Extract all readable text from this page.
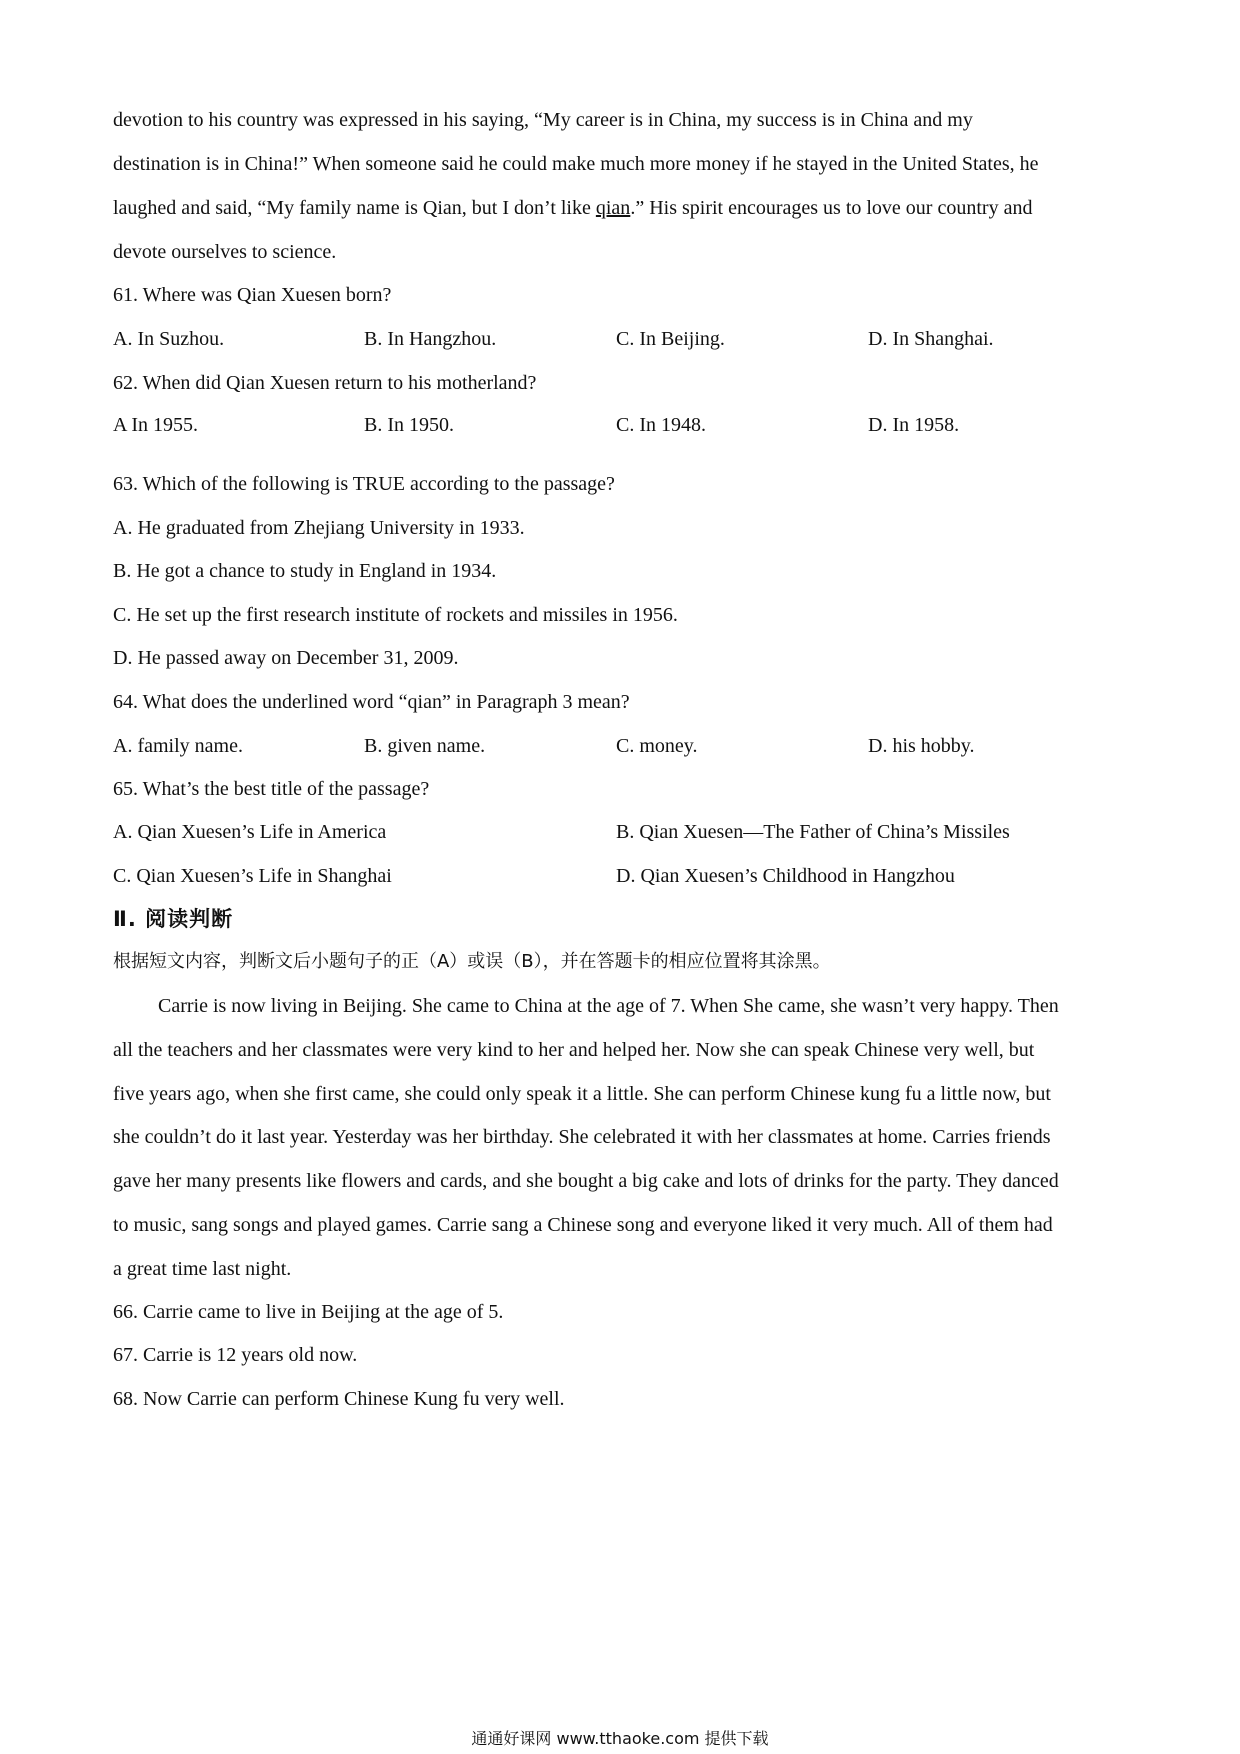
devotion to his country was expressed in his saying, “My career is in China, my success is in China and my
destination is in China!” When someone said he could make much more money if he stayed in the United States, he
laughed and said, “My family name is Qian, but I don’t like qian.” His spirit encourages us to love our country and
devote ourselves to science.
61. Where was Qian Xuesen born?
A. In Suzhou.	B. In Hangzhou.	C. In Beijing.	D. In Shanghai.
62. When did Qian Xuesen return to his motherland?
A In 1955.	B. In 1950.	C. In 1948.	D. In 1958.
63. Which of the following is TRUE according to the passage?
A. He graduated from Zhejiang University in 1933.
B. He got a chance to study in England in 1934.
C. He set up the first research institute of rockets and missiles in 1956.
D. He passed away on December 31, 2009.
64. What does the underlined word “qian” in Paragraph 3 mean?
A. family name.	B. given name.	C. money.	D. his hobby.
65. What’s the best title of the passage?
A. Qian Xuesen’s Life in America	B. Qian Xuesen—The Father of China’s Missiles
C. Qian Xuesen’s Life in Shanghai	D. Qian Xuesen’s Childhood in Hangzhou
Ⅱ. 阅读判断
根据短文内容，判断文后小题句子的正（A）或误（B），并在答题卡的相应位置将其涂黑。
Carrie is now living in Beijing. She came to China at the age of 7. When She came, she wasn’t very happy. Then
all the teachers and her classmates were very kind to her and helped her. Now she can speak Chinese very well, but
five years ago, when she first came, she could only speak it a little. She can perform Chinese kung fu a little now, but
she couldn’t do it last year. Yesterday was her birthday. She celebrated it with her classmates at home. Carries friends
gave her many presents like flowers and cards, and she bought a big cake and lots of drinks for the party. They danced
to music, sang songs and played games. Carrie sang a Chinese song and everyone liked it very much. All of them had
a great time last night.
66. Carrie came to live in Beijing at the age of 5.
67. Carrie is 12 years old now.
68. Now Carrie can perform Chinese Kung fu very well.
通通好课网 www.tthaoke.com 提供下载
